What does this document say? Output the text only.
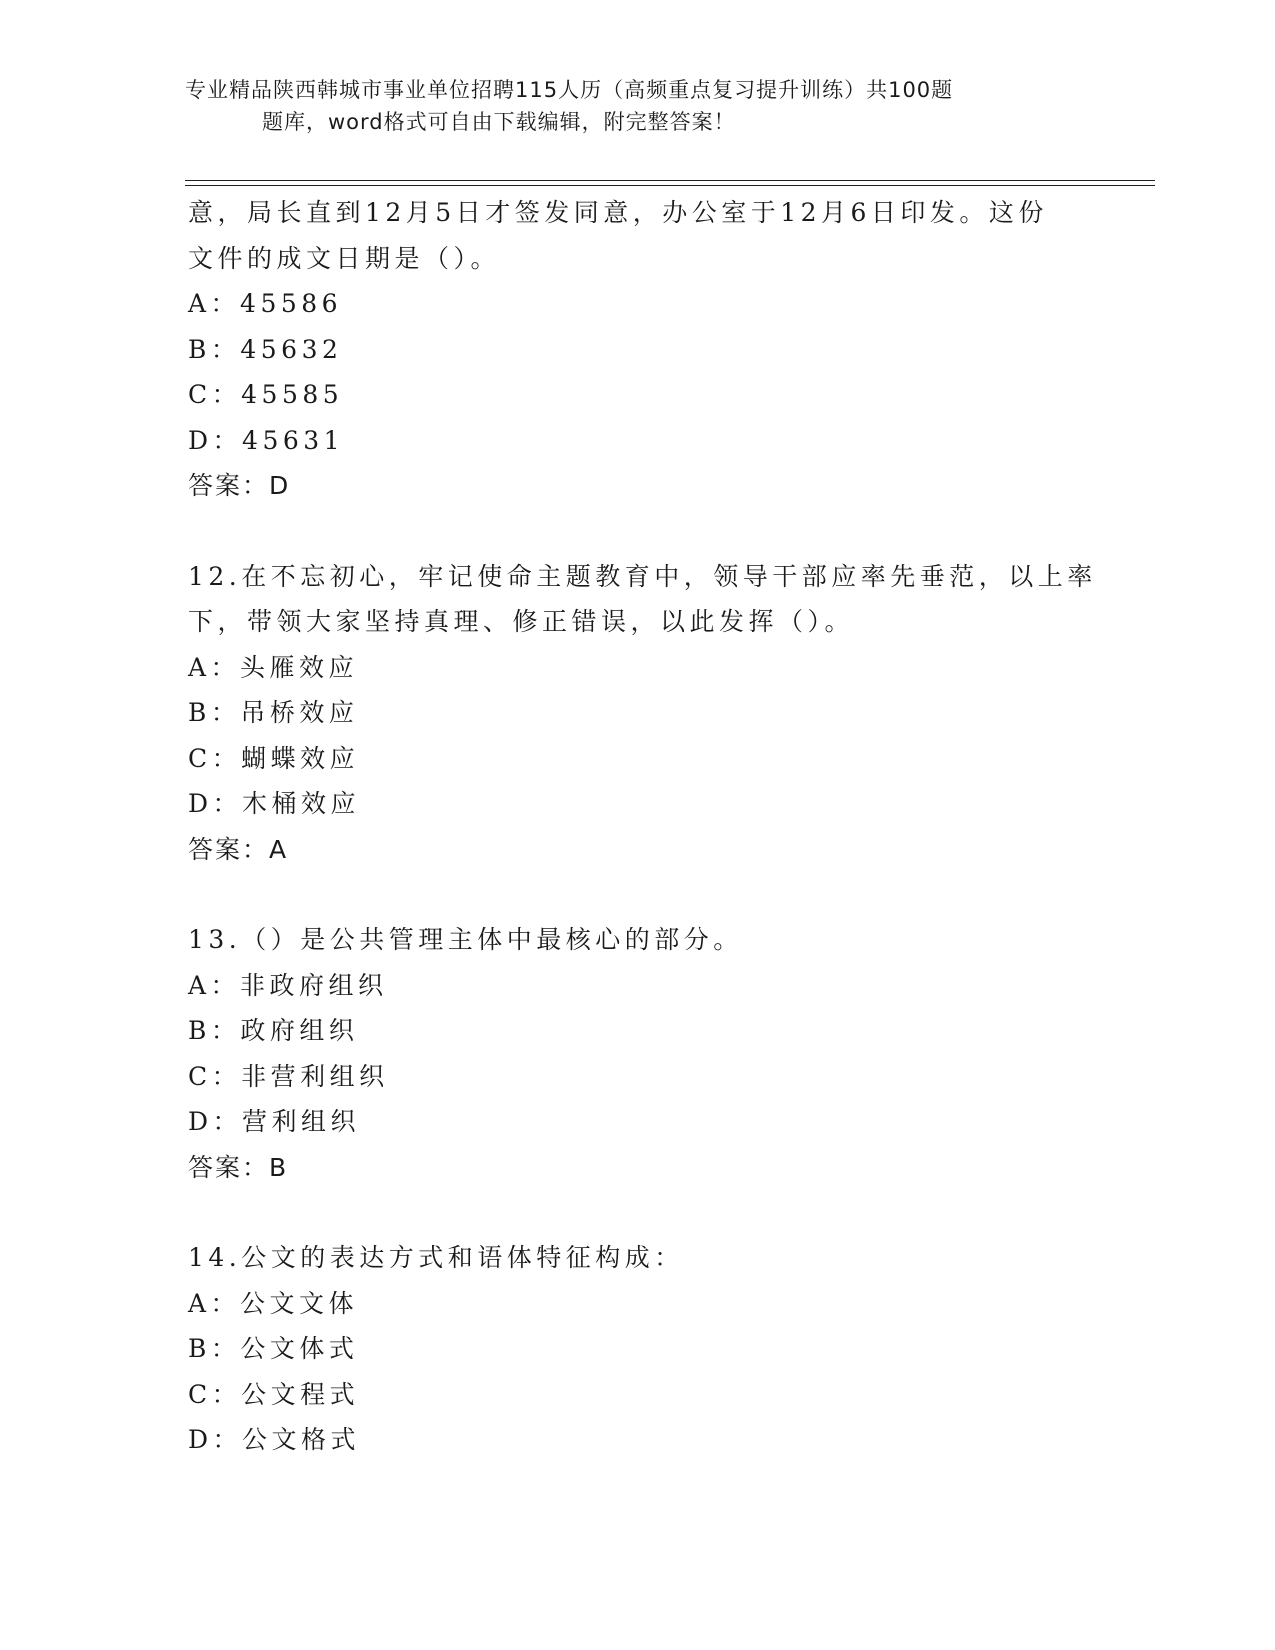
专业精品陕西韩城市事业单位招聘115人历（高频重点复习提升训练）共100题
题库，word格式可自由下载编辑，附完整答案！
意，局长直到12月5日才签发同意，办公室于12月6日印发。这份
文件的成文日期是（）。
A：45586
B：45632
C：45585
D：45631
答案：D
12.在不忘初心，牢记使命主题教育中，领导干部应率先垂范，以上率
下，带领大家坚持真理、修正错误，以此发挥（）。
A：头雁效应
B：吊桥效应
C：蝴蝶效应
D：木桶效应
答案：A
13.（）是公共管理主体中最核心的部分。
A：非政府组织
B：政府组织
C：非营利组织
D：营利组织
答案：B
14.公文的表达方式和语体特征构成：
A：公文文体
B：公文体式
C：公文程式
D：公文格式
